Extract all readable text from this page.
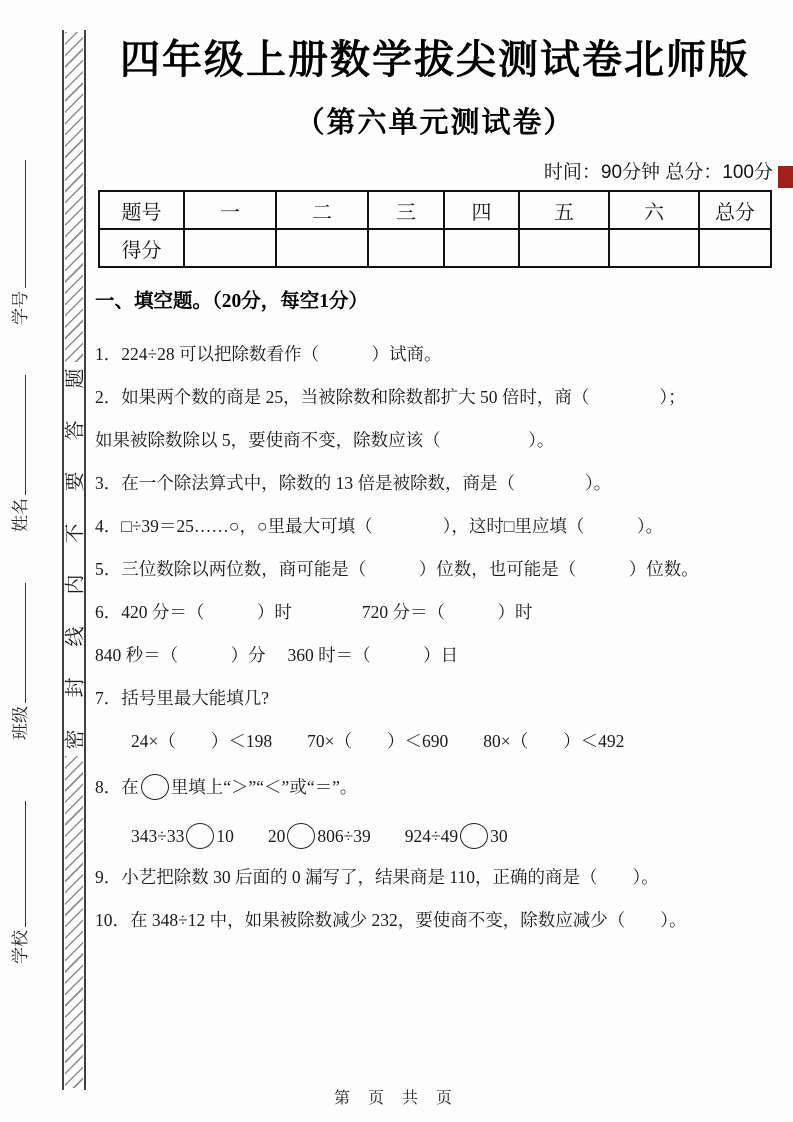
学号
姓名
班级
学校
题
答
要
不
内
线
封
密
四年级上册数学拔尖测试卷北师版
（第六单元测试卷）
时间：90分钟 总分：100分
题号	一	二	三	四	五	六	总分
得分							
一、填空题。（20分，每空1分）
1．224÷28 可以把除数看作（　　　）试商。
2．如果两个数的商是 25，当被除数和除数都扩大 50 倍时，商（　　　　）；
如果被除数除以 5，要使商不变，除数应该（　　　　　）。
3．在一个除法算式中，除数的 13 倍是被除数，商是（　　　　）。
4．□÷39＝25……○，○里最大可填（　　　　），这时□里应填（　　　）。
5．三位数除以两位数，商可能是（　　　）位数，也可能是（　　　）位数。
6．420 分＝（　　　）时　　　　720 分＝（　　　）时
840 秒＝（　　　）分　 360 时＝（　　　）日
7．括号里最大能填几?
24×（　　）＜198　　70×（　　）＜690　　80×（　　）＜492
8．在 里填上“＞”“＜”或“＝”。
343÷33 10 20 806÷39 924÷49 30
9．小艺把除数 30 后面的 0 漏写了，结果商是 110，正确的商是（　　）。
10．在 348÷12 中，如果被除数减少 232，要使商不变，除数应减少（　　）。
第 页 共 页
